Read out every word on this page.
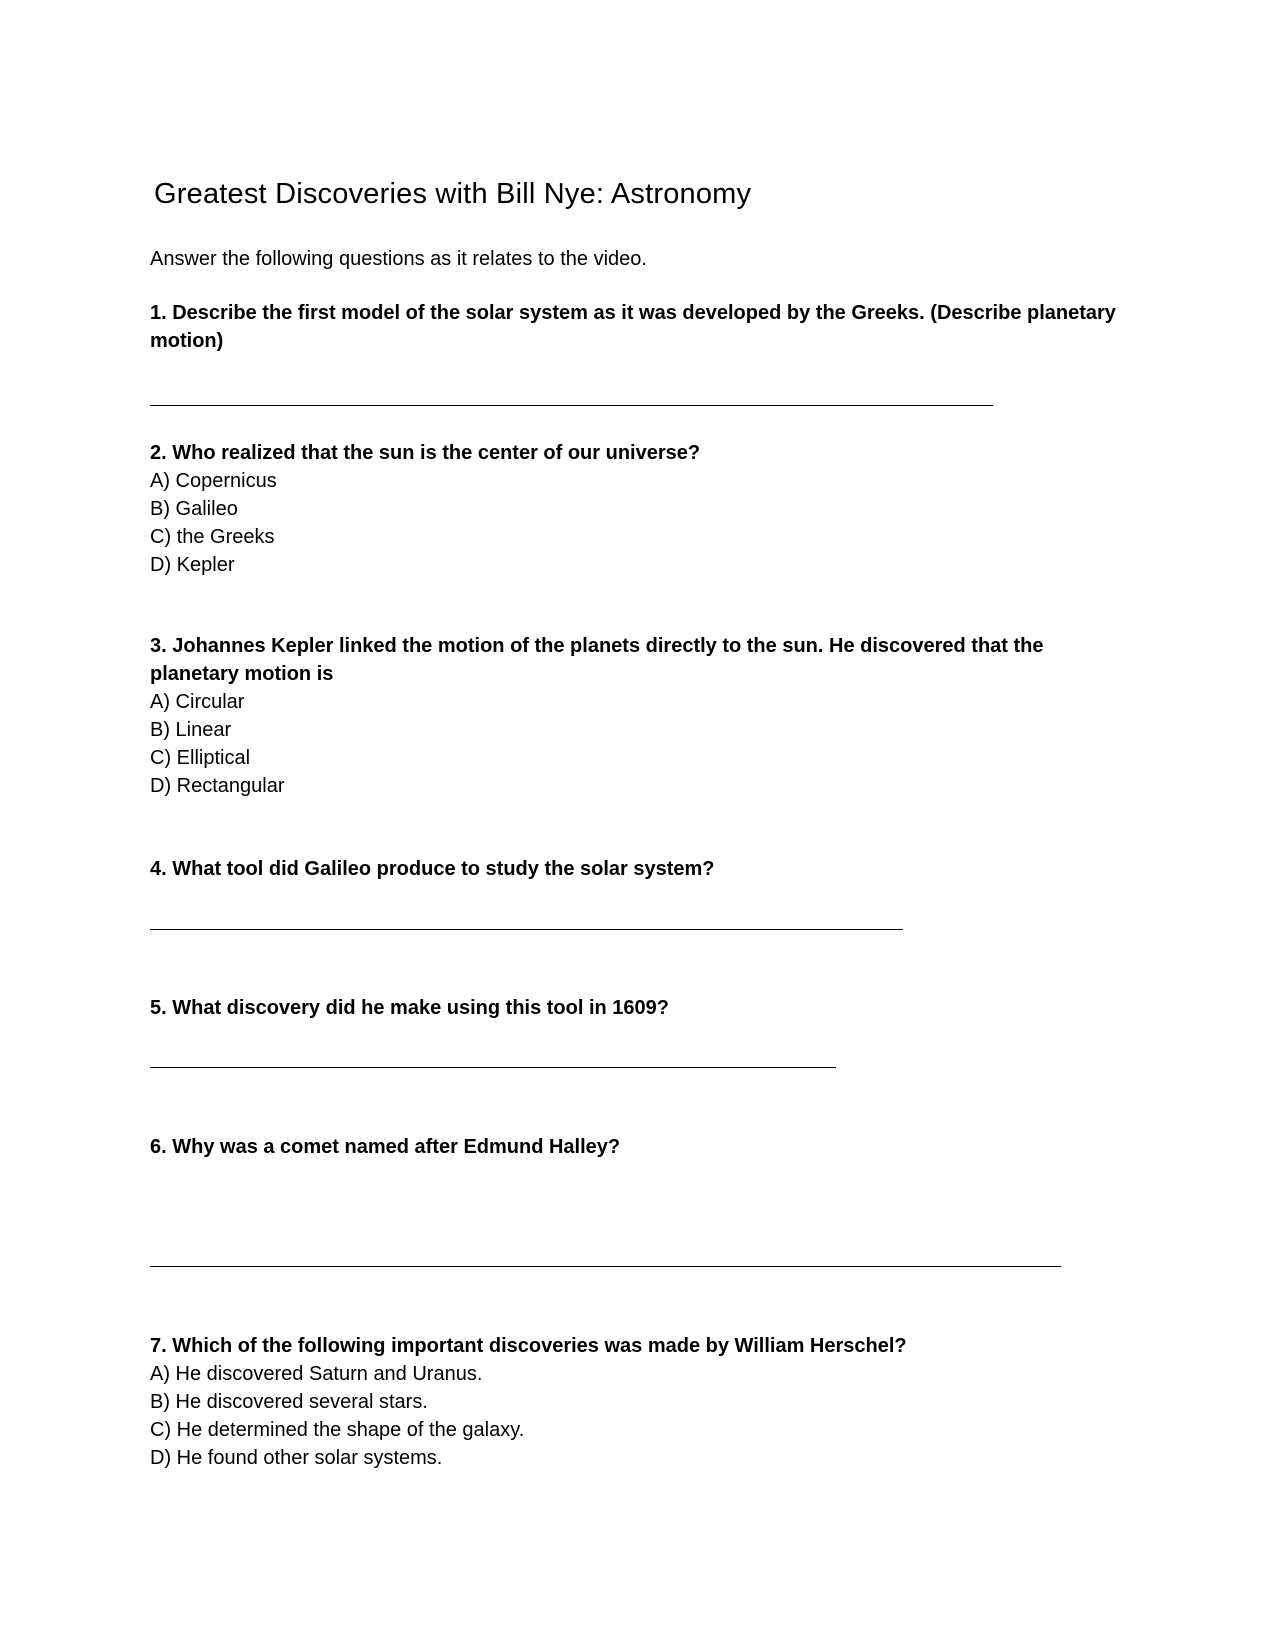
Greatest Discoveries with Bill Nye: Astronomy

Answer the following questions as it relates to the video.

1. Describe the first model of the solar system as it was developed by the Greeks. (Describe planetary
motion)
2. Who realized that the sun is the center of our universe?
A) Copernicus
B) Galileo
C) the Greeks
D) Kepler
3. Johannes Kepler linked the motion of the planets directly to the sun. He discovered that the
planetary motion is
A) Circular
B) Linear
C) Elliptical
D) Rectangular
4. What tool did Galileo produce to study the solar system?
5. What discovery did he make using this tool in 1609?
6. Why was a comet named after Edmund Halley?
7. Which of the following important discoveries was made by William Herschel?
A) He discovered Saturn and Uranus.
B) He discovered several stars.
C) He determined the shape of the galaxy.
D) He found other solar systems.
